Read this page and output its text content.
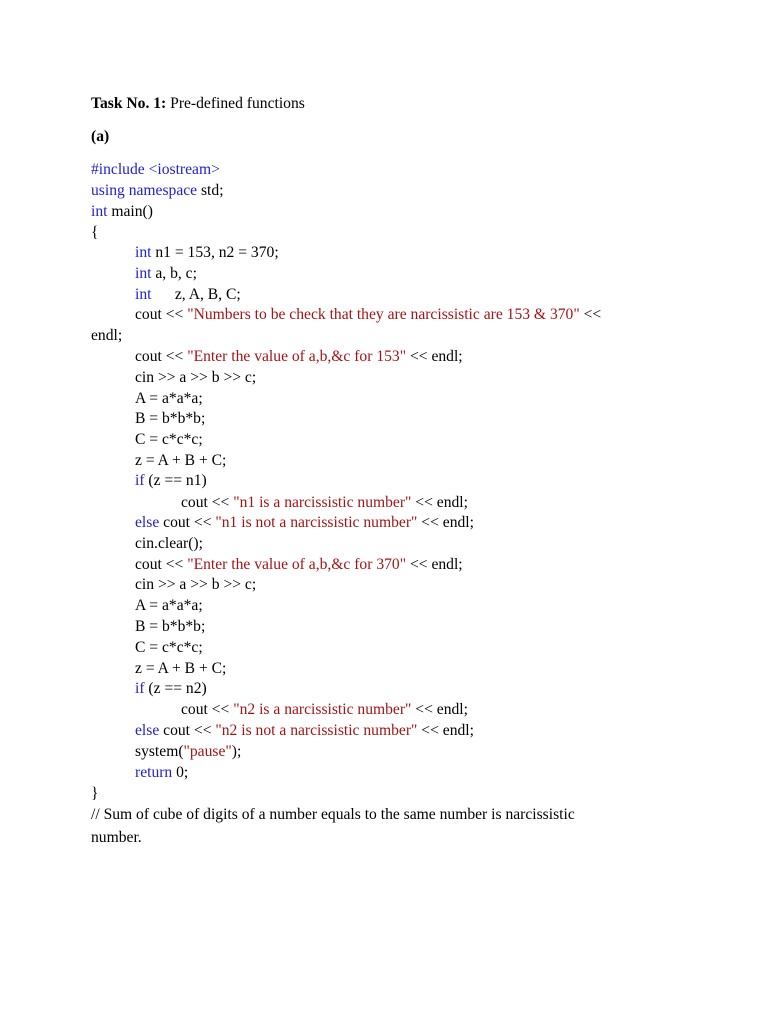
Task No. 1: Pre-defined functions
(a)
#include <iostream>
using namespace std;
int main()
{
int n1 = 153, n2 = 370;
int a, b, c;
int      z, A, B, C;
cout << "Numbers to be check that they are narcissistic are 153 & 370" <<
endl;
cout << "Enter the value of a,b,&c for 153" << endl;
cin >> a >> b >> c;
A = a*a*a;
B = b*b*b;
C = c*c*c;
z = A + B + C;
if (z == n1)
cout << "n1 is a narcissistic number" << endl;
else cout << "n1 is not a narcissistic number" << endl;
cin.clear();
cout << "Enter the value of a,b,&c for 370" << endl;
cin >> a >> b >> c;
A = a*a*a;
B = b*b*b;
C = c*c*c;
z = A + B + C;
if (z == n2)
cout << "n2 is a narcissistic number" << endl;
else cout << "n2 is not a narcissistic number" << endl;
system("pause");
return 0;
}
// Sum of cube of digits of a number equals to the same number is narcissistic
number.
